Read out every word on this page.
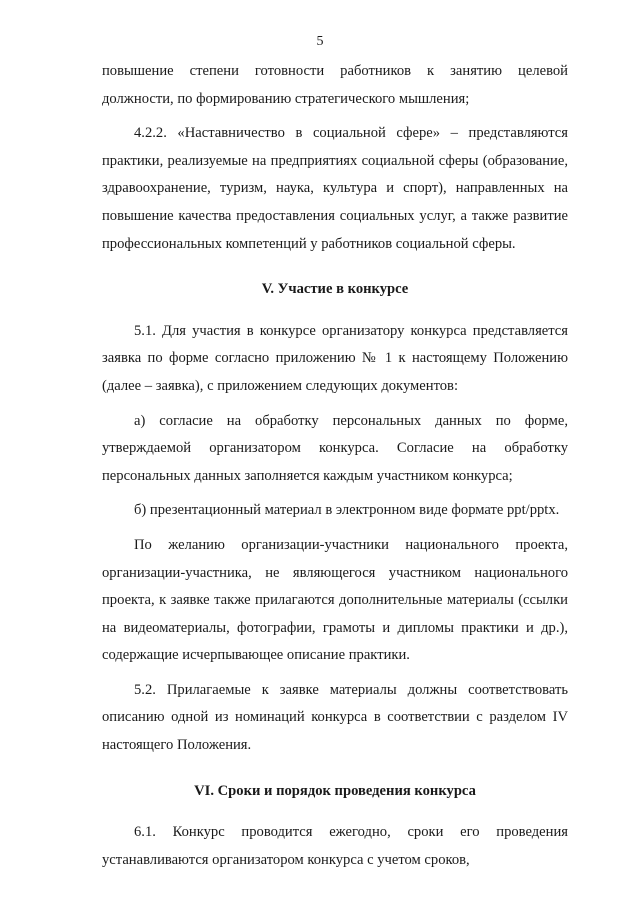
5

повышение степени готовности работников к занятию целевой должности, по формированию стратегического мышления;

4.2.2. «Наставничество в социальной сфере» – представляются практики, реализуемые на предприятиях социальной сферы (образование, здравоохранение, туризм, наука, культура и спорт), направленных на повышение качества предоставления социальных услуг, а также развитие профессиональных компетенций у работников социальной сферы.

V. Участие в конкурсе

5.1. Для участия в конкурсе организатору конкурса представляется заявка по форме согласно приложению № 1 к настоящему Положению (далее – заявка), с приложением следующих документов:

а) согласие на обработку персональных данных по форме, утверждаемой организатором конкурса. Согласие на обработку персональных данных заполняется каждым участником конкурса;

б) презентационный материал в электронном виде формате ppt/pptx.

По желанию организации-участники национального проекта, организации-участника, не являющегося участником национального проекта, к заявке также прилагаются дополнительные материалы (ссылки на видеоматериалы, фотографии, грамоты и дипломы практики и др.), содержащие исчерпывающее описание практики.

5.2. Прилагаемые к заявке материалы должны соответствовать описанию одной из номинаций конкурса в соответствии с разделом IV настоящего Положения.

VI. Сроки и порядок проведения конкурса

6.1. Конкурс проводится ежегодно, сроки его проведения устанавливаются организатором конкурса с учетом сроков,
